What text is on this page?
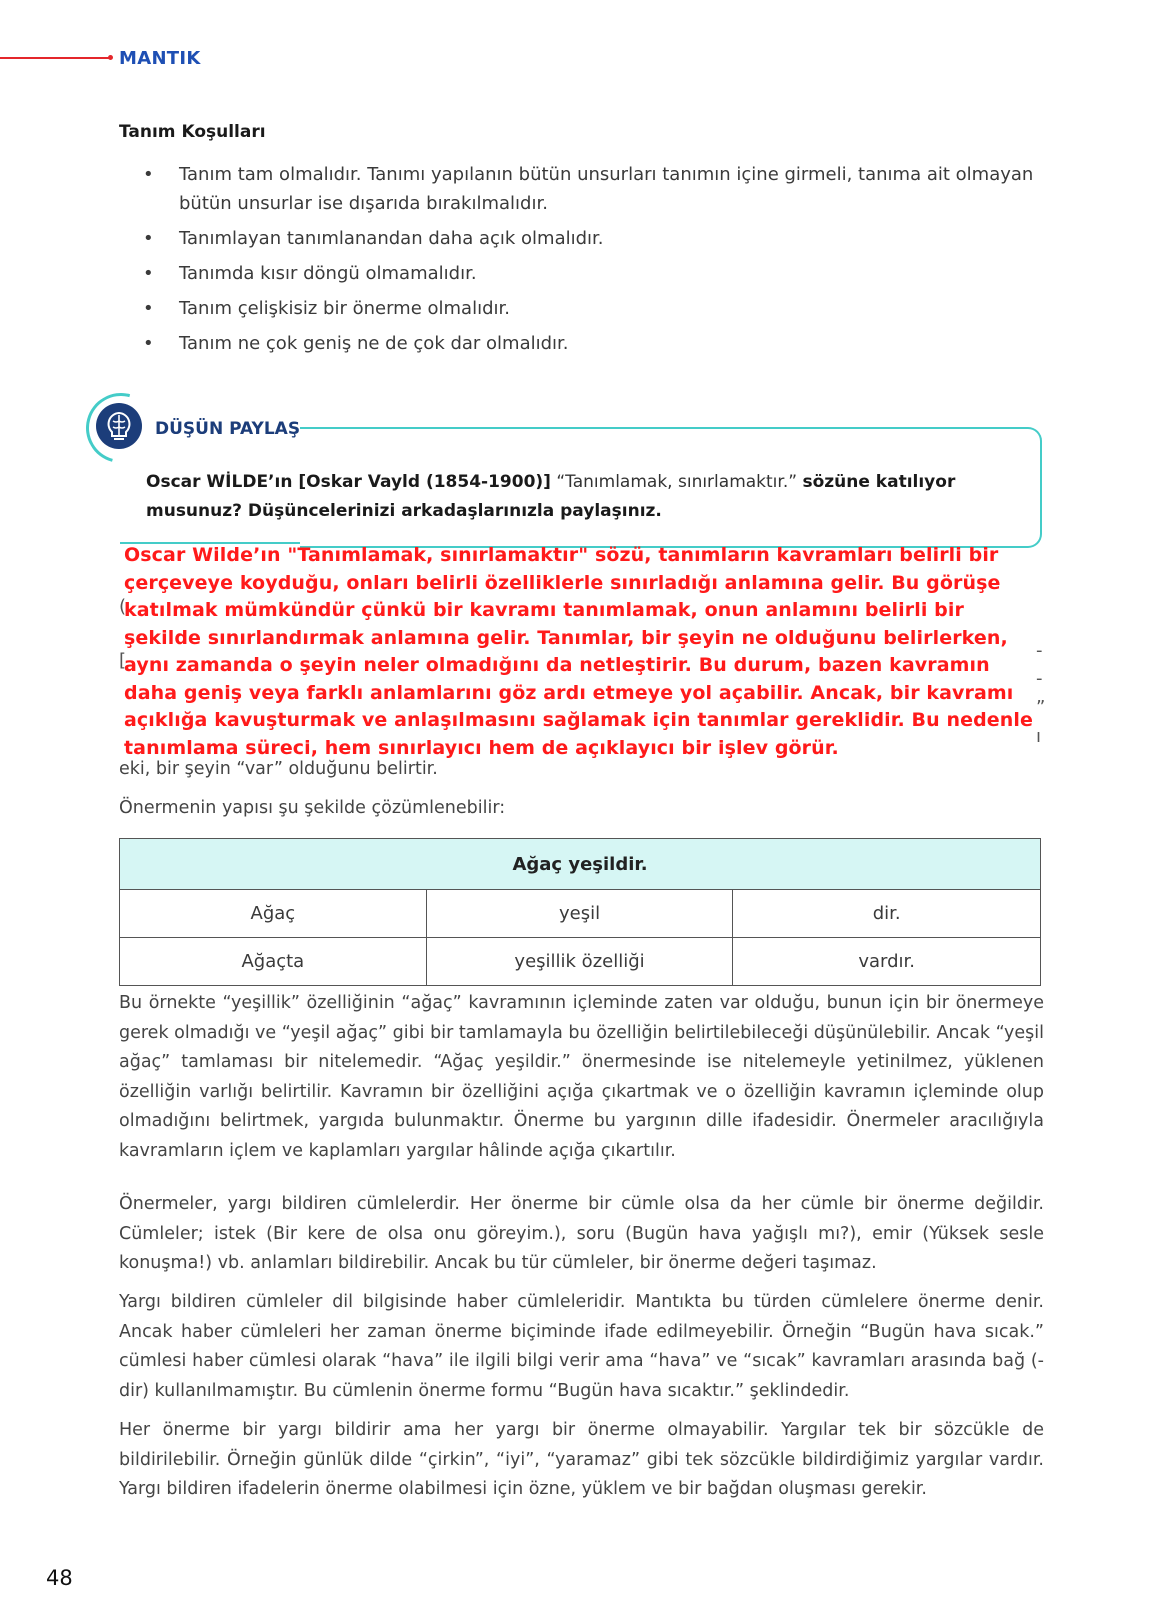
MANTIK
Tanım Koşulları
• Tanım tam olmalıdır. Tanımı yapılanın bütün unsurları tanımın içine girmeli, tanıma ait olmayan bütün unsurlar ise dışarıda bırakılmalıdır.
• Tanımlayan tanımlanandan daha açık olmalıdır.
• Tanımda kısır döngü olmamalıdır.
• Tanım çelişkisiz bir önerme olmalıdır.
• Tanım ne çok geniş ne de çok dar olmalıdır.
DÜŞÜN PAYLAŞ
Oscar WİLDE’ın [Oskar Vayld (1854-1900)] “Tanımlamak, sınırlamaktır.” sözüne katılıyor musunuz? Düşüncelerinizi arkadaşlarınızla paylaşınız.
Oscar Wilde’ın "Tanımlamak, sınırlamaktır" sözü, tanımların kavramları belirli bir çerçeveye koyduğu, onları belirli özelliklerle sınırladığı anlamına gelir. Bu görüşe katılmak mümkündür çünkü bir kavramı tanımlamak, onun anlamını belirli bir şekilde sınırlandırmak anlamına gelir. Tanımlar, bir şeyin ne olduğunu belirlerken, aynı zamanda o şeyin neler olmadığını da netleştirir. Bu durum, bazen kavramın daha geniş veya farklı anlamlarını göz ardı etmeye yol açabilir. Ancak, bir kavramı açıklığa kavuşturmak ve anlaşılmasını sağlamak için tanımlar gereklidir. Bu nedenle tanımlama süreci, hem sınırlayıcı hem de açıklayıcı bir işlev görür.
(
[	-
-
”
ı
eki, bir şeyin “var” olduğunu belirtir.
Önermenin yapısı şu şekilde çözümlenebilir:
Ağaç yeşildir.		
Ağaç	yeşil	dir.
Ağaçta	yeşillik özelliği	vardır.
Bu örnekte “yeşillik” özelliğinin “ağaç” kavramının içleminde zaten var olduğu, bunun için bir önermeye gerek olmadığı ve “yeşil ağaç” gibi bir tamlamayla bu özelliğin belirtilebileceği düşünülebilir. Ancak “yeşil ağaç” tamlaması bir nitelemedir. “Ağaç yeşildir.” önermesinde ise nitelemeyle yetinilmez, yüklenen özelliğin varlığı belirtilir. Kavramın bir özelliğini açığa çıkartmak ve o özelliğin kavramın içleminde olup olmadığını belirtmek, yargıda bulunmaktır. Önerme bu yargının dille ifadesidir. Önermeler aracılığıyla kavramların içlem ve kaplamları yargılar hâlinde açığa çıkartılır.
Önermeler, yargı bildiren cümlelerdir. Her önerme bir cümle olsa da her cümle bir önerme değildir. Cümleler; istek (Bir kere de olsa onu göreyim.), soru (Bugün hava yağışlı mı?), emir (Yüksek sesle konuşma!) vb. anlamları bildirebilir. Ancak bu tür cümleler, bir önerme değeri taşımaz.
Yargı bildiren cümleler dil bilgisinde haber cümleleridir. Mantıkta bu türden cümlelere önerme denir. Ancak haber cümleleri her zaman önerme biçiminde ifade edilmeyebilir. Örneğin “Bugün hava sıcak.” cümlesi haber cümlesi olarak “hava” ile ilgili bilgi verir ama “hava” ve “sıcak” kavramları arasında bağ (-dir) kullanılmamıştır. Bu cümlenin önerme formu “Bugün hava sıcaktır.” şeklindedir.
Her önerme bir yargı bildirir ama her yargı bir önerme olmayabilir. Yargılar tek bir sözcükle de bildirilebilir. Örneğin günlük dilde “çirkin”, “iyi”, “yaramaz” gibi tek sözcükle bildirdiğimiz yargılar vardır. Yargı bildiren ifadelerin önerme olabilmesi için özne, yüklem ve bir bağdan oluşması gerekir.
48
